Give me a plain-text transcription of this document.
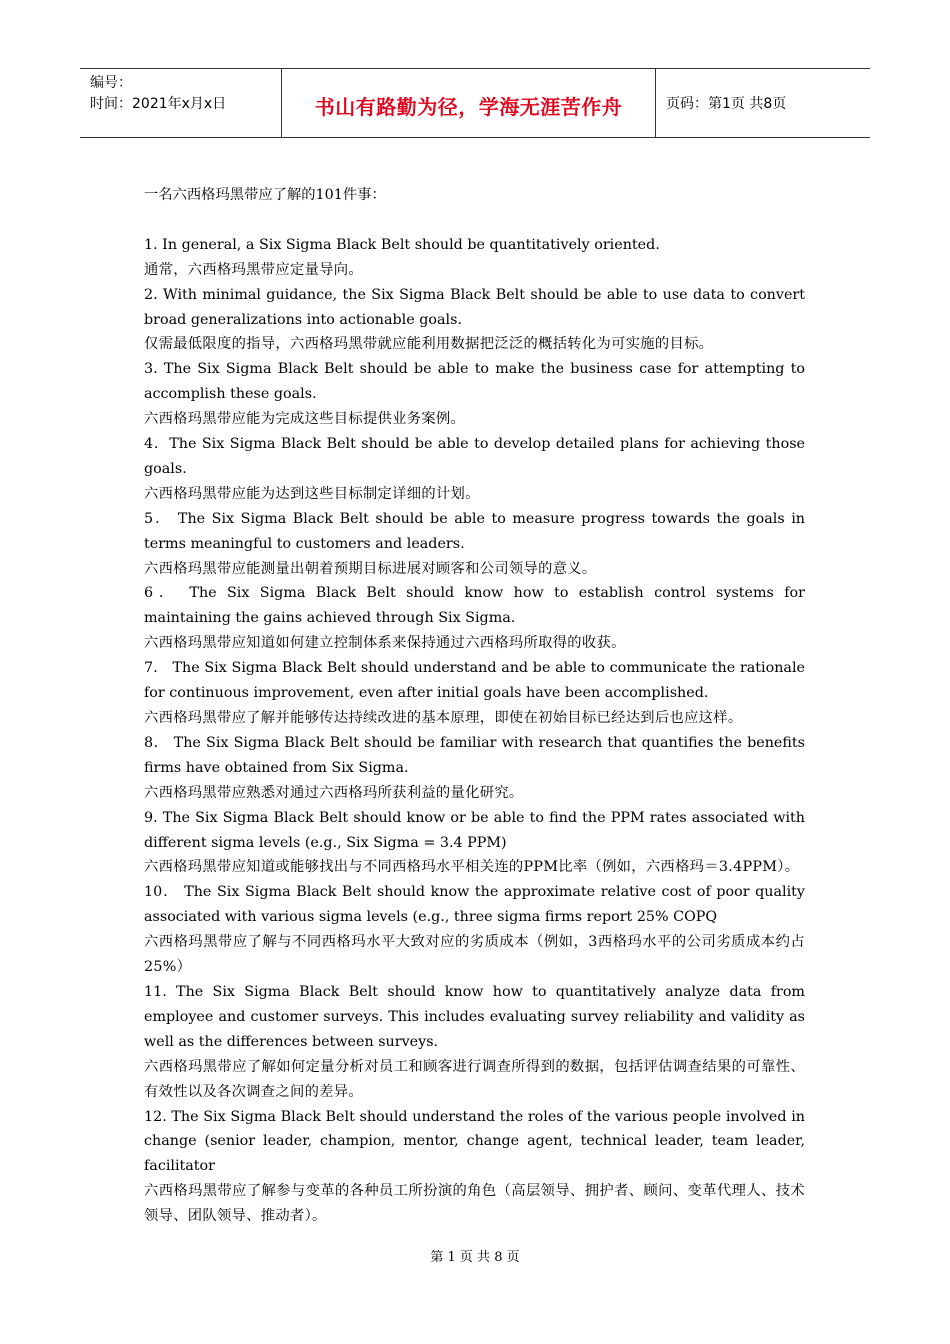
编号：
时间：2021年x月x日	书山有路勤为径，学海无涯苦作舟	页码：第1页 共8页

一名六西格玛黑带应了解的101件事：

1. In general, a Six Sigma Black Belt should be quantitatively oriented.

通常，六西格玛黑带应定量导向。

2. With minimal guidance, the Six Sigma Black Belt should be able to use data to convert broad generalizations into actionable goals.

仅需最低限度的指导，六西格玛黑带就应能利用数据把泛泛的概括转化为可实施的目标。

3. The Six Sigma Black Belt should be able to make the business case for attempting to accomplish these goals.

六西格玛黑带应能为完成这些目标提供业务案例。

4．The Six Sigma Black Belt should be able to develop detailed plans for achieving those goals.

六西格玛黑带应能为达到这些目标制定详细的计划。

5． The Six Sigma Black Belt should be able to measure progress towards the goals in terms meaningful to customers and leaders.

六西格玛黑带应能测量出朝着预期目标进展对顾客和公司领导的意义。

6． The Six Sigma Black Belt should know how to establish control systems for maintaining the gains achieved through Six Sigma.

六西格玛黑带应知道如何建立控制体系来保持通过六西格玛所取得的收获。

7． The Six Sigma Black Belt should understand and be able to communicate the rationale for continuous improvement, even after initial goals have been accomplished.

六西格玛黑带应了解并能够传达持续改进的基本原理，即使在初始目标已经达到后也应这样。

8． The Six Sigma Black Belt should be familiar with research that quantifies the benefits firms have obtained from Six Sigma.

六西格玛黑带应熟悉对通过六西格玛所获利益的量化研究。

9. The Six Sigma Black Belt should know or be able to find the PPM rates associated with different sigma levels (e.g., Six Sigma = 3.4 PPM)

六西格玛黑带应知道或能够找出与不同西格玛水平相关连的PPM比率（例如，六西格玛＝3.4PPM）。

10． The Six Sigma Black Belt should know the approximate relative cost of poor quality associated with various sigma levels (e.g., three sigma firms report 25% COPQ

六西格玛黑带应了解与不同西格玛水平大致对应的劣质成本（例如，3西格玛水平的公司劣质成本约占25%）

11. The Six Sigma Black Belt should know how to quantitatively analyze data from employee and customer surveys. This includes evaluating survey reliability and validity as well as the differences between surveys.

六西格玛黑带应了解如何定量分析对员工和顾客进行调查所得到的数据，包括评估调查结果的可靠性、有效性以及各次调查之间的差异。

12. The Six Sigma Black Belt should understand the roles of the various people involved in change (senior leader, champion, mentor, change agent, technical leader, team leader, facilitator

六西格玛黑带应了解参与变革的各种员工所扮演的角色（高层领导、拥护者、顾问、变革代理人、技术领导、团队领导、推动者）。

第 1 页 共 8 页
